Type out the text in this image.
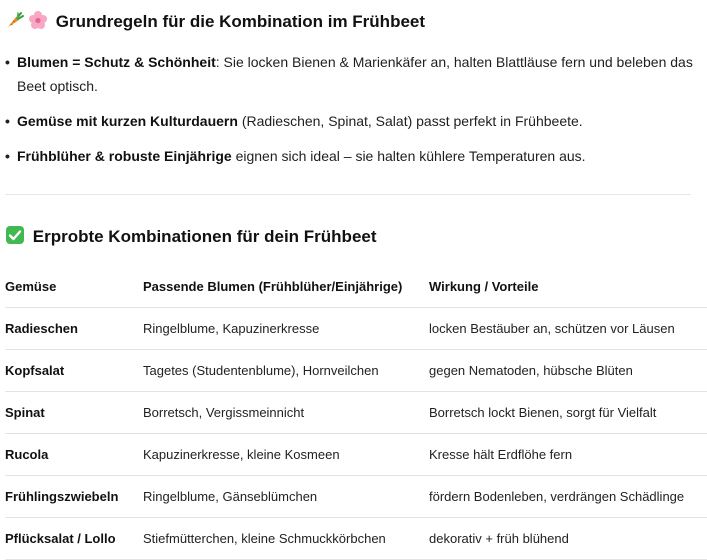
Grundregeln für die Kombination im Frühbeet
• Blumen = Schutz & Schönheit: Sie locken Bienen & Marienkäfer an, halten Blattläuse fern und beleben das Beet optisch.
• Gemüse mit kurzen Kulturdauern (Radieschen, Spinat, Salat) passt perfekt in Frühbeete.
• Frühblüher & robuste Einjährige eignen sich ideal – sie halten kühlere Temperaturen aus.
Erprobte Kombinationen für dein Frühbeet
Gemüse	Passende Blumen (Frühblüher/Einjährige)	Wirkung / Vorteile
Radieschen	Ringelblume, Kapuzinerkresse	locken Bestäuber an, schützen vor Läusen
Kopfsalat	Tagetes (Studentenblume), Hornveilchen	gegen Nematoden, hübsche Blüten
Spinat	Borretsch, Vergissmeinnicht	Borretsch lockt Bienen, sorgt für Vielfalt
Rucola	Kapuzinerkresse, kleine Kosmeen	Kresse hält Erdflöhe fern
Frühlingszwiebeln	Ringelblume, Gänseblümchen	fördern Bodenleben, verdrängen Schädlinge
Pflücksalat / Lollo	Stiefmütterchen, kleine Schmuckkörbchen	dekorativ + früh blühend
